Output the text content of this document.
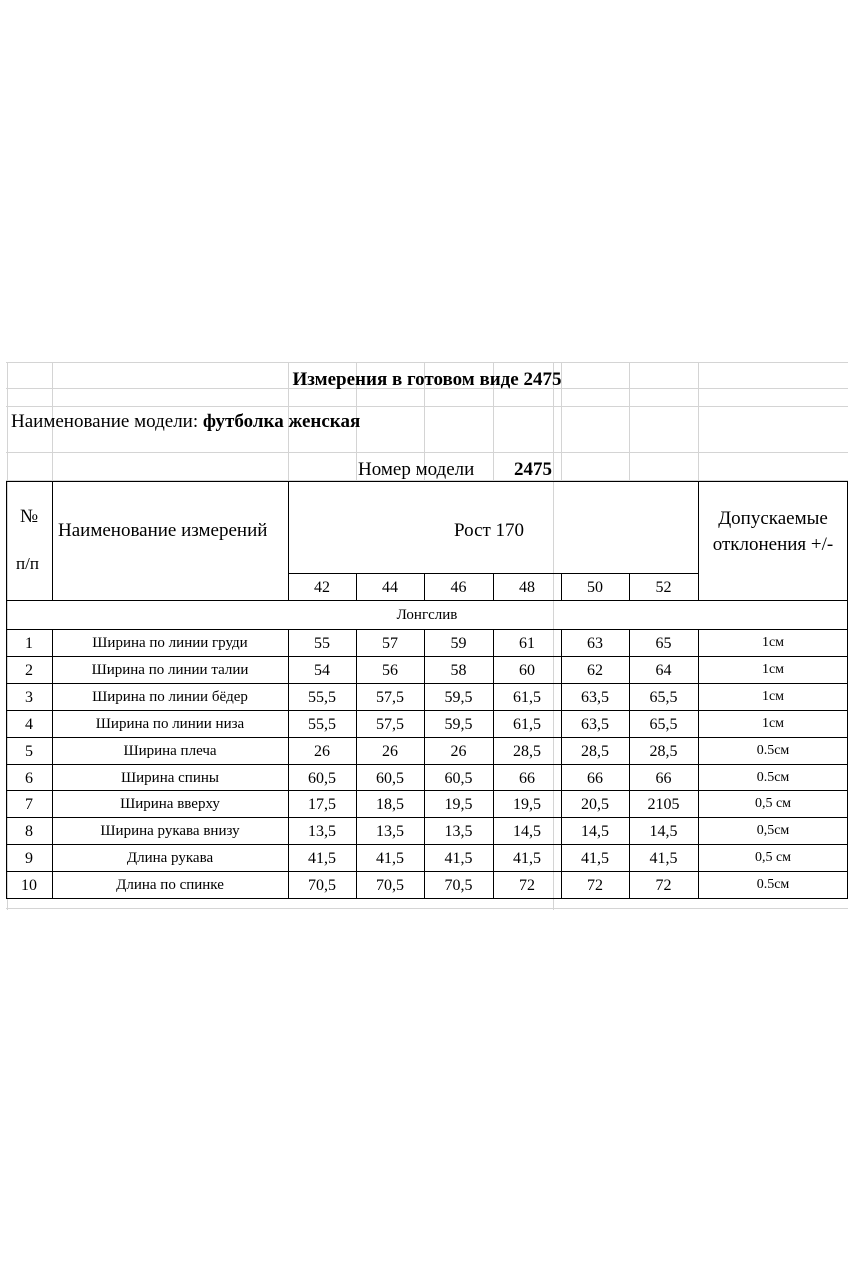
Измерения в готовом виде 2475
Наименование модели: футболка женская
Номер модели 2475
№
п/п
Наименование измерений	Рост 170
Допускаемые
отклонения +/-
42	44	46	48	50	52
Лонгслив
1	Ширина по линии груди	55	57	59	61	63	65	1см
2	Ширина по линии талии	54	56	58	60	62	64	1см
3	Ширина по линии бёдер	55,5	57,5	59,5	61,5	63,5	65,5	1см
4	Ширина по линии низа	55,5	57,5	59,5	61,5	63,5	65,5	1см
5	Ширина плеча	26	26	26	28,5	28,5	28,5	0.5см
6	Ширина спины	60,5	60,5	60,5	66	66	66	0.5см
7	Ширина вверху	17,5	18,5	19,5	19,5	20,5	2105	0,5 см
8	Ширина рукава внизу	13,5	13,5	13,5	14,5	14,5	14,5	0,5см
9	Длина рукава	41,5	41,5	41,5	41,5	41,5	41,5	0,5 см
10	Длина по спинке	70,5	70,5	70,5	72	72	72	0.5см
